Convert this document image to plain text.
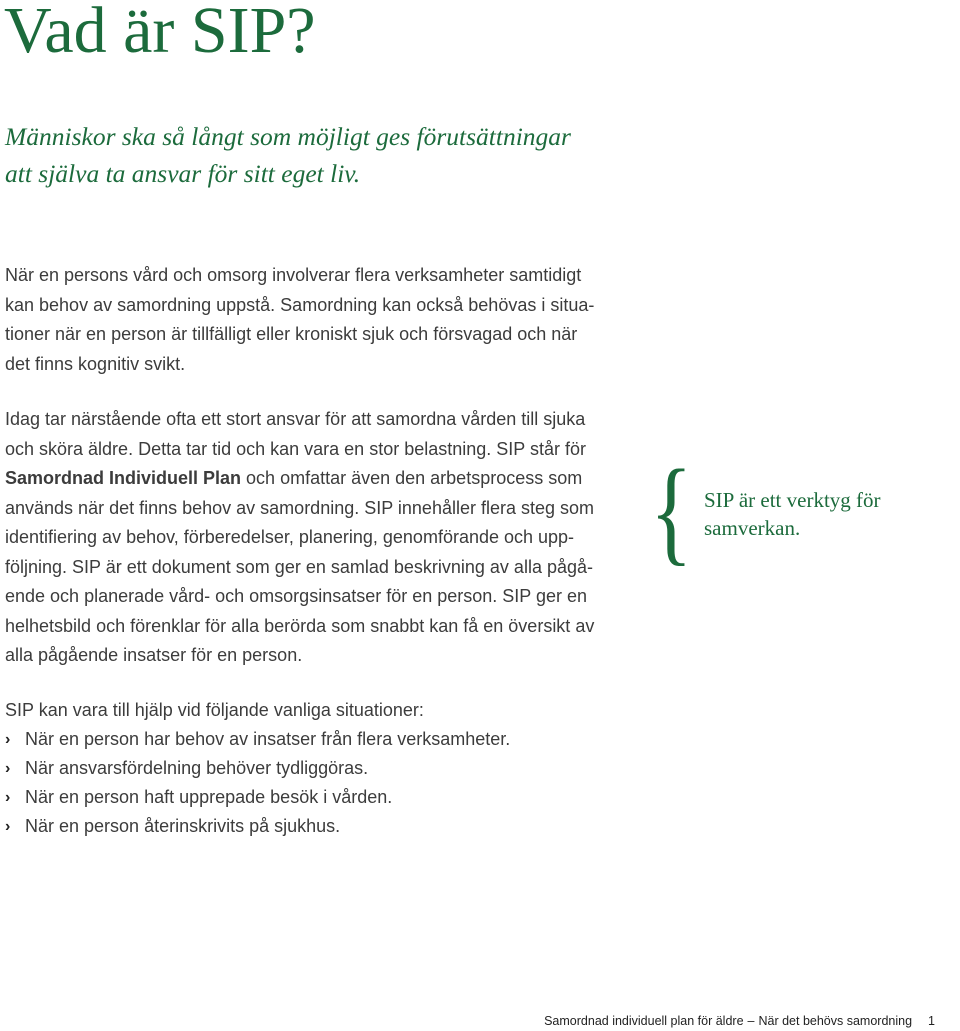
Vad är SIP?

Människor ska så långt som möjligt ges förutsättningar
att själva ta ansvar för sitt eget liv.

När en persons vård och omsorg involverar flera verksamheter samtidigt
kan behov av samordning uppstå. Samordning kan också behövas i situa-
tioner när en person är tillfälligt eller kroniskt sjuk och försvagad och när
det finns kognitiv svikt.

Idag tar närstående ofta ett stort ansvar för att samordna vården till sjuka
och sköra äldre. Detta tar tid och kan vara en stor belastning. SIP står för
Samordnad Individuell Plan och omfattar även den arbetsprocess som
används när det finns behov av samordning. SIP innehåller flera steg som
identifiering av behov, förberedelser, planering, genomförande och upp-
följning. SIP är ett dokument som ger en samlad beskrivning av alla pågå-
ende och planerade vård- och omsorgsinsatser för en person. SIP ger en
helhetsbild och förenklar för alla berörda som snabbt kan få en översikt av
alla pågående insatser för en person.

{ SIP är ett verktyg för
samverkan.

SIP kan vara till hjälp vid följande vanliga situationer:

› När en person har behov av insatser från flera verksamheter.
› När ansvarsfördelning behöver tydliggöras.
› När en person haft upprepade besök i vården.
› När en person återinskrivits på sjukhus.
Samordnad individuell plan för äldre – När det behövs samordning 1
